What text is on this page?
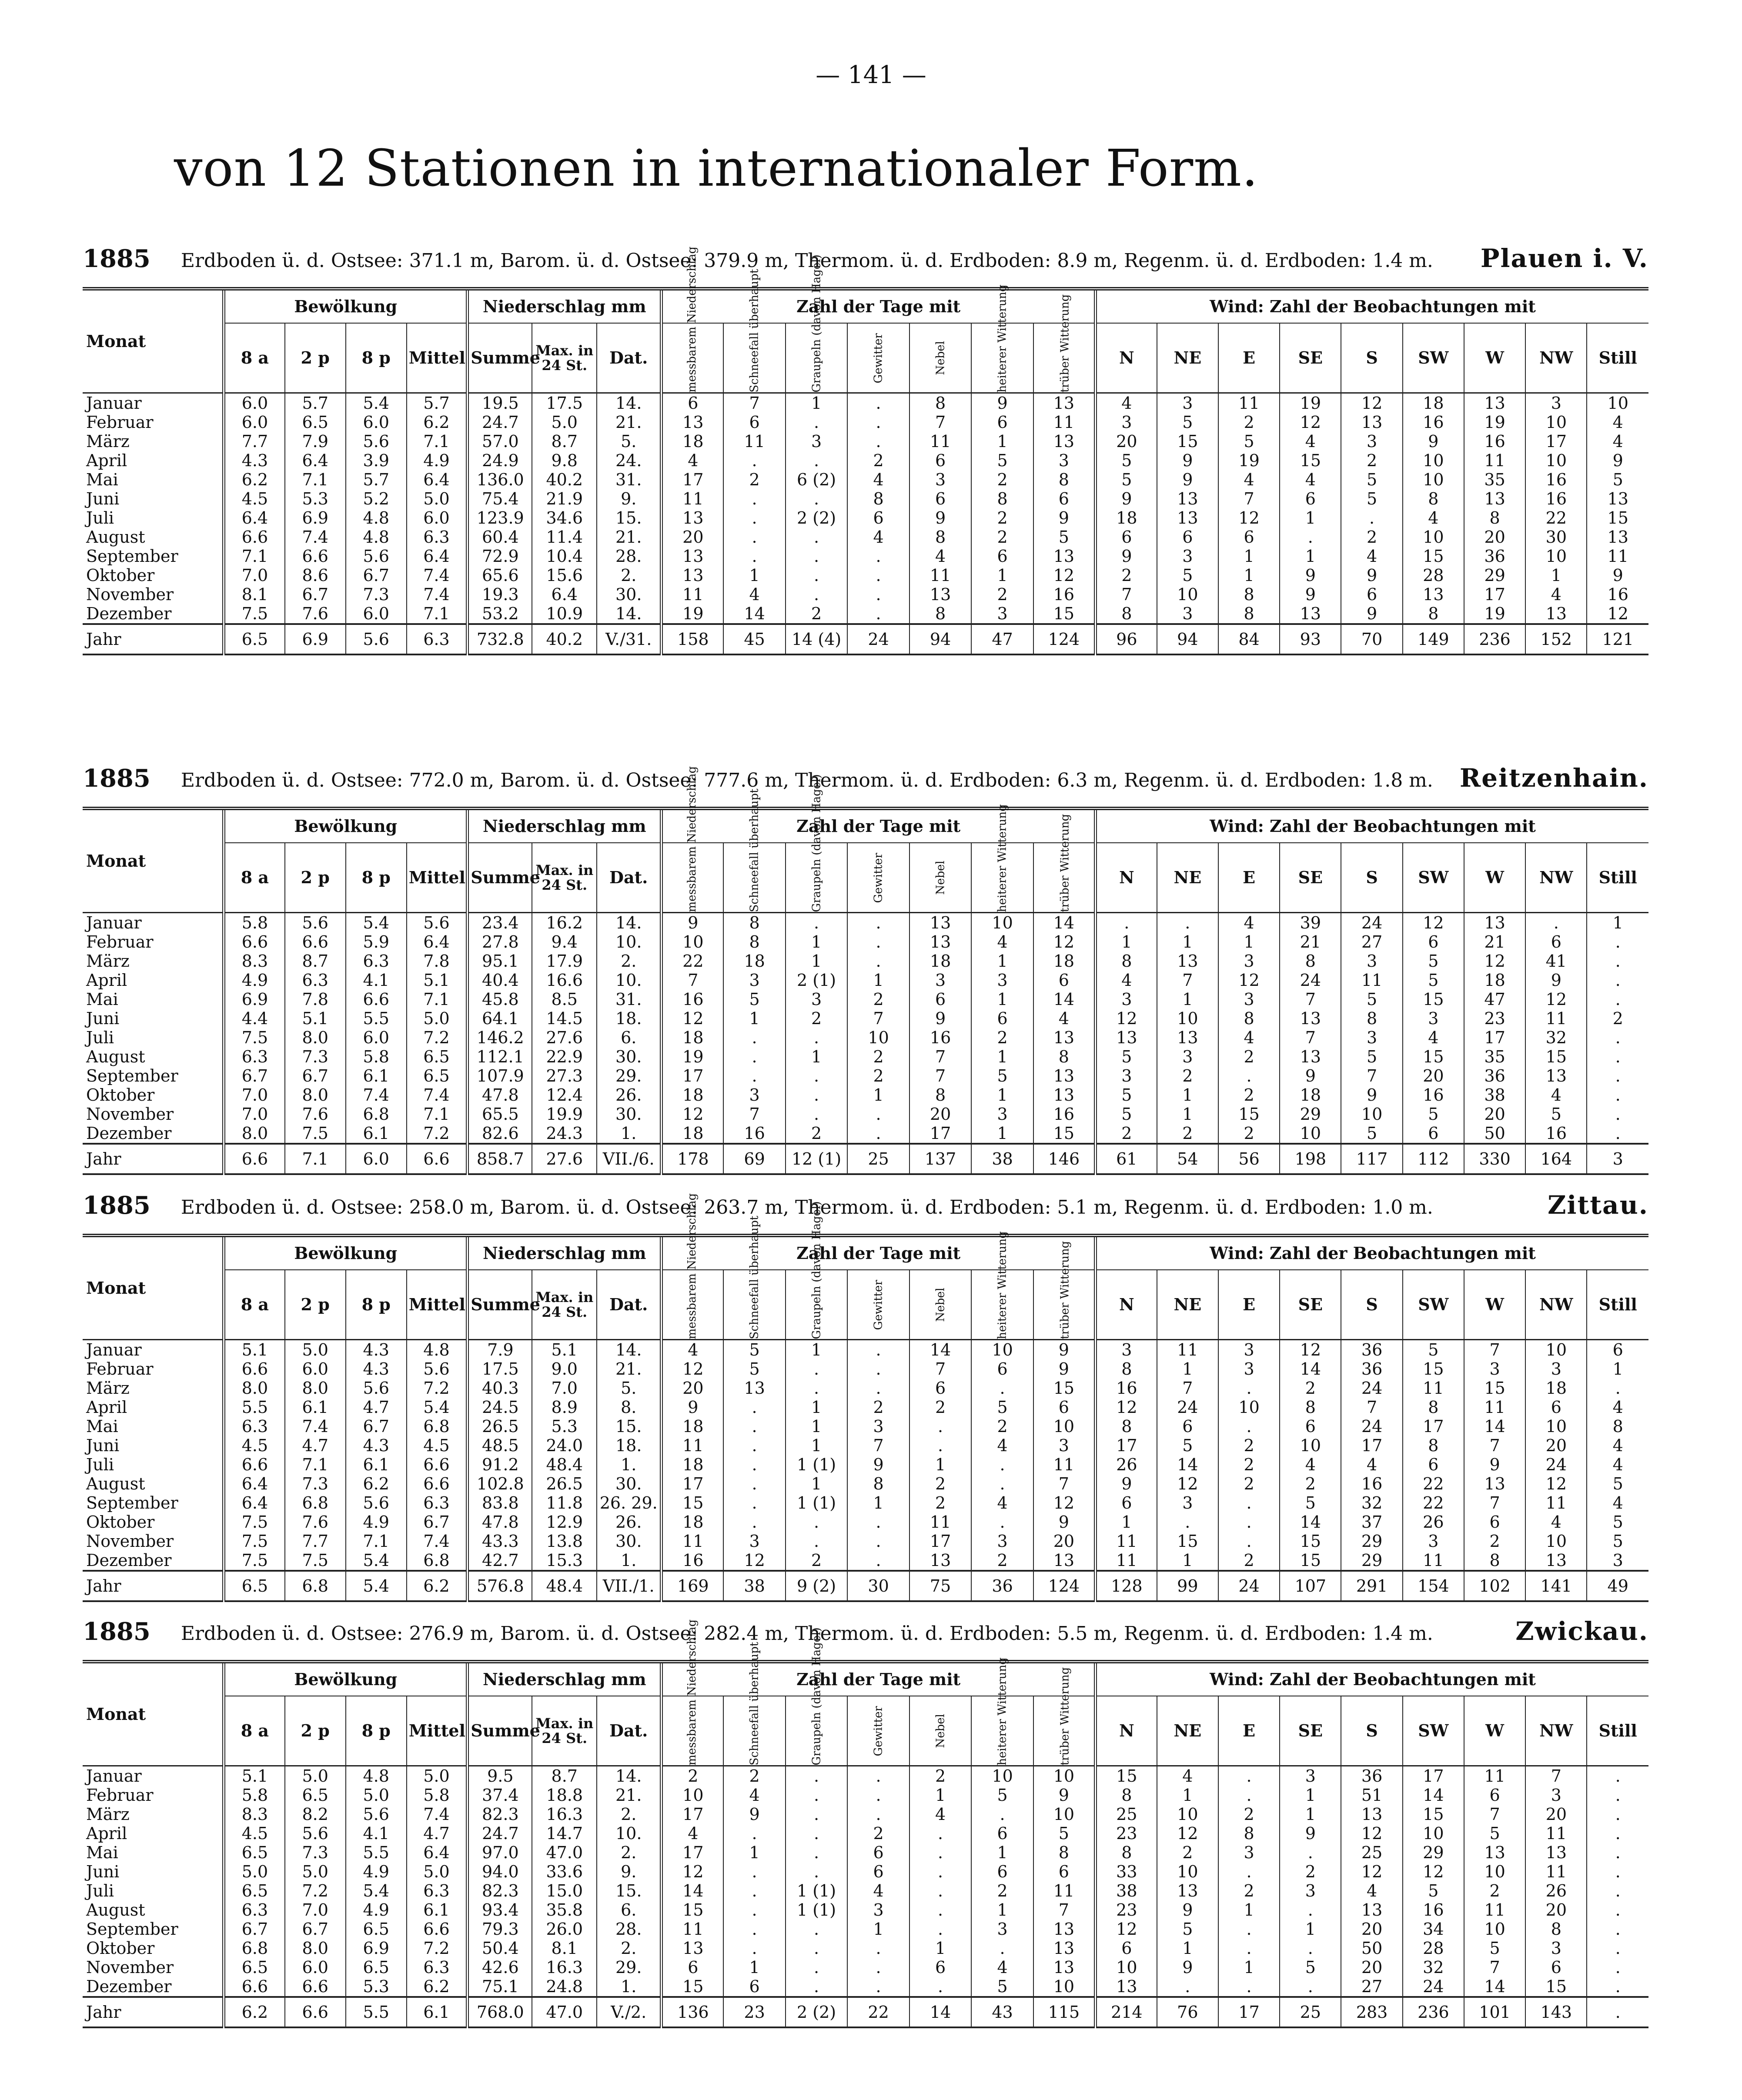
— 141 —
von 12 Stationen in internationaler Form.
1885 Erdboden ü. d. Ostsee: 371.1 m, Barom. ü. d. Ostsee: 379.9 m, Thermom. ü. d. Erdboden: 8.9 m, Regenm. ü. d. Erdboden: 1.4 m.	Plauen i. V.
Monat	Bewölkung				Niederschlag mm			Zahl der Tage mit							Wind: Zahl der Beobachtungen mit								
	8 a	2 p	8 p	Mittel	Summe	Max. in 24 St.	Dat.	messbarem Niederschlag	Schneefall überhaupt	Graupeln (davon Hagel)	Gewitter	Nebel	heiterer Witterung	trüber Witterung	N	NE	E	SE	S	SW	W	NW	Still
Januar	6.0	5.7	5.4	5.7	19.5	17.5	14.	6	7	1	.	8	9	13	4	3	11	19	12	18	13	3	10
Februar	6.0	6.5	6.0	6.2	24.7	5.0	21.	13	6	.	.	7	6	11	3	5	2	12	13	16	19	10	4
März	7.7	7.9	5.6	7.1	57.0	8.7	5.	18	11	3	.	11	1	13	20	15	5	4	3	9	16	17	4
April	4.3	6.4	3.9	4.9	24.9	9.8	24.	4	.	.	2	6	5	3	5	9	19	15	2	10	11	10	9
Mai	6.2	7.1	5.7	6.4	136.0	40.2	31.	17	2	6 (2)	4	3	2	8	5	9	4	4	5	10	35	16	5
Juni	4.5	5.3	5.2	5.0	75.4	21.9	9.	11	.	.	8	6	8	6	9	13	7	6	5	8	13	16	13
Juli	6.4	6.9	4.8	6.0	123.9	34.6	15.	13	.	2 (2)	6	9	2	9	18	13	12	1	.	4	8	22	15
August	6.6	7.4	4.8	6.3	60.4	11.4	21.	20	.	.	4	8	2	5	6	6	6	.	2	10	20	30	13
September	7.1	6.6	5.6	6.4	72.9	10.4	28.	13	.	.	.	4	6	13	9	3	1	1	4	15	36	10	11
Oktober	7.0	8.6	6.7	7.4	65.6	15.6	2.	13	1	.	.	11	1	12	2	5	1	9	9	28	29	1	9
November	8.1	6.7	7.3	7.4	19.3	6.4	30.	11	4	.	.	13	2	16	7	10	8	9	6	13	17	4	16
Dezember	7.5	7.6	6.0	7.1	53.2	10.9	14.	19	14	2	.	8	3	15	8	3	8	13	9	8	19	13	12
Jahr	6.5	6.9	5.6	6.3	732.8	40.2	V./31.	158	45	14 (4)	24	94	47	124	96	94	84	93	70	149	236	152	121
1885 Erdboden ü. d. Ostsee: 772.0 m, Barom. ü. d. Ostsee: 777.6 m, Thermom. ü. d. Erdboden: 6.3 m, Regenm. ü. d. Erdboden: 1.8 m.	Reitzenhain.
Monat	Bewölkung				Niederschlag mm			Zahl der Tage mit							Wind: Zahl der Beobachtungen mit								
	8 a	2 p	8 p	Mittel	Summe	Max. in 24 St.	Dat.	messbarem Niederschlag	Schneefall überhaupt	Graupeln (davon Hagel)	Gewitter	Nebel	heiterer Witterung	trüber Witterung	N	NE	E	SE	S	SW	W	NW	Still
Januar	5.8	5.6	5.4	5.6	23.4	16.2	14.	9	8	.	.	13	10	14	.	.	4	39	24	12	13	.	1
Februar	6.6	6.6	5.9	6.4	27.8	9.4	10.	10	8	1	.	13	4	12	1	1	1	21	27	6	21	6	.
März	8.3	8.7	6.3	7.8	95.1	17.9	2.	22	18	1	.	18	1	18	8	13	3	8	3	5	12	41	.
April	4.9	6.3	4.1	5.1	40.4	16.6	10.	7	3	2 (1)	1	3	3	6	4	7	12	24	11	5	18	9	.
Mai	6.9	7.8	6.6	7.1	45.8	8.5	31.	16	5	3	2	6	1	14	3	1	3	7	5	15	47	12	.
Juni	4.4	5.1	5.5	5.0	64.1	14.5	18.	12	1	2	7	9	6	4	12	10	8	13	8	3	23	11	2
Juli	7.5	8.0	6.0	7.2	146.2	27.6	6.	18	.	.	10	16	2	13	13	13	4	7	3	4	17	32	.
August	6.3	7.3	5.8	6.5	112.1	22.9	30.	19	.	1	2	7	1	8	5	3	2	13	5	15	35	15	.
September	6.7	6.7	6.1	6.5	107.9	27.3	29.	17	.	.	2	7	5	13	3	2	.	9	7	20	36	13	.
Oktober	7.0	8.0	7.4	7.4	47.8	12.4	26.	18	3	.	1	8	1	13	5	1	2	18	9	16	38	4	.
November	7.0	7.6	6.8	7.1	65.5	19.9	30.	12	7	.	.	20	3	16	5	1	15	29	10	5	20	5	.
Dezember	8.0	7.5	6.1	7.2	82.6	24.3	1.	18	16	2	.	17	1	15	2	2	2	10	5	6	50	16	.
Jahr	6.6	7.1	6.0	6.6	858.7	27.6	VII./6.	178	69	12 (1)	25	137	38	146	61	54	56	198	117	112	330	164	3
1885 Erdboden ü. d. Ostsee: 258.0 m, Barom. ü. d. Ostsee: 263.7 m, Thermom. ü. d. Erdboden: 5.1 m, Regenm. ü. d. Erdboden: 1.0 m.	Zittau.
Monat	Bewölkung				Niederschlag mm			Zahl der Tage mit							Wind: Zahl der Beobachtungen mit								
	8 a	2 p	8 p	Mittel	Summe	Max. in 24 St.	Dat.	messbarem Niederschlag	Schneefall überhaupt	Graupeln (davon Hagel)	Gewitter	Nebel	heiterer Witterung	trüber Witterung	N	NE	E	SE	S	SW	W	NW	Still
Januar	5.1	5.0	4.3	4.8	7.9	5.1	14.	4	5	1	.	14	10	9	3	11	3	12	36	5	7	10	6
Februar	6.6	6.0	4.3	5.6	17.5	9.0	21.	12	5	.	.	7	6	9	8	1	3	14	36	15	3	3	1
März	8.0	8.0	5.6	7.2	40.3	7.0	5.	20	13	.	.	6	.	15	16	7	.	2	24	11	15	18	.
April	5.5	6.1	4.7	5.4	24.5	8.9	8.	9	.	1	2	2	5	6	12	24	10	8	7	8	11	6	4
Mai	6.3	7.4	6.7	6.8	26.5	5.3	15.	18	.	1	3	.	2	10	8	6	.	6	24	17	14	10	8
Juni	4.5	4.7	4.3	4.5	48.5	24.0	18.	11	.	1	7	.	4	3	17	5	2	10	17	8	7	20	4
Juli	6.6	7.1	6.1	6.6	91.2	48.4	1.	18	.	1 (1)	9	1	.	11	26	14	2	4	4	6	9	24	4
August	6.4	7.3	6.2	6.6	102.8	26.5	30.	17	.	1	8	2	.	7	9	12	2	2	16	22	13	12	5
September	6.4	6.8	5.6	6.3	83.8	11.8	26. 29.	15	.	1 (1)	1	2	4	12	6	3	.	5	32	22	7	11	4
Oktober	7.5	7.6	4.9	6.7	47.8	12.9	26.	18	.	.	.	11	.	9	1	.	.	14	37	26	6	4	5
November	7.5	7.7	7.1	7.4	43.3	13.8	30.	11	3	.	.	17	3	20	11	15	.	15	29	3	2	10	5
Dezember	7.5	7.5	5.4	6.8	42.7	15.3	1.	16	12	2	.	13	2	13	11	1	2	15	29	11	8	13	3
Jahr	6.5	6.8	5.4	6.2	576.8	48.4	VII./1.	169	38	9 (2)	30	75	36	124	128	99	24	107	291	154	102	141	49
1885 Erdboden ü. d. Ostsee: 276.9 m, Barom. ü. d. Ostsee: 282.4 m, Thermom. ü. d. Erdboden: 5.5 m, Regenm. ü. d. Erdboden: 1.4 m.	Zwickau.
Monat	Bewölkung				Niederschlag mm			Zahl der Tage mit							Wind: Zahl der Beobachtungen mit								
	8 a	2 p	8 p	Mittel	Summe	Max. in 24 St.	Dat.	messbarem Niederschlag	Schneefall überhaupt	Graupeln (davon Hagel)	Gewitter	Nebel	heiterer Witterung	trüber Witterung	N	NE	E	SE	S	SW	W	NW	Still
Januar	5.1	5.0	4.8	5.0	9.5	8.7	14.	2	2	.	.	2	10	10	15	4	.	3	36	17	11	7	.
Februar	5.8	6.5	5.0	5.8	37.4	18.8	21.	10	4	.	.	1	5	9	8	1	.	1	51	14	6	3	.
März	8.3	8.2	5.6	7.4	82.3	16.3	2.	17	9	.	.	4	.	10	25	10	2	1	13	15	7	20	.
April	4.5	5.6	4.1	4.7	24.7	14.7	10.	4	.	.	2	.	6	5	23	12	8	9	12	10	5	11	.
Mai	6.5	7.3	5.5	6.4	97.0	47.0	2.	17	1	.	6	.	1	8	8	2	3	.	25	29	13	13	.
Juni	5.0	5.0	4.9	5.0	94.0	33.6	9.	12	.	.	6	.	6	6	33	10	.	2	12	12	10	11	.
Juli	6.5	7.2	5.4	6.3	82.3	15.0	15.	14	.	1 (1)	4	.	2	11	38	13	2	3	4	5	2	26	.
August	6.3	7.0	4.9	6.1	93.4	35.8	6.	15	.	1 (1)	3	.	1	7	23	9	1	.	13	16	11	20	.
September	6.7	6.7	6.5	6.6	79.3	26.0	28.	11	.	.	1	.	3	13	12	5	.	1	20	34	10	8	.
Oktober	6.8	8.0	6.9	7.2	50.4	8.1	2.	13	.	.	.	1	.	13	6	1	.	.	50	28	5	3	.
November	6.5	6.0	6.5	6.3	42.6	16.3	29.	6	1	.	.	6	4	13	10	9	1	5	20	32	7	6	.
Dezember	6.6	6.6	5.3	6.2	75.1	24.8	1.	15	6	.	.	.	5	10	13	.	.	.	27	24	14	15	.
Jahr	6.2	6.6	5.5	6.1	768.0	47.0	V./2.	136	23	2 (2)	22	14	43	115	214	76	17	25	283	236	101	143	.
